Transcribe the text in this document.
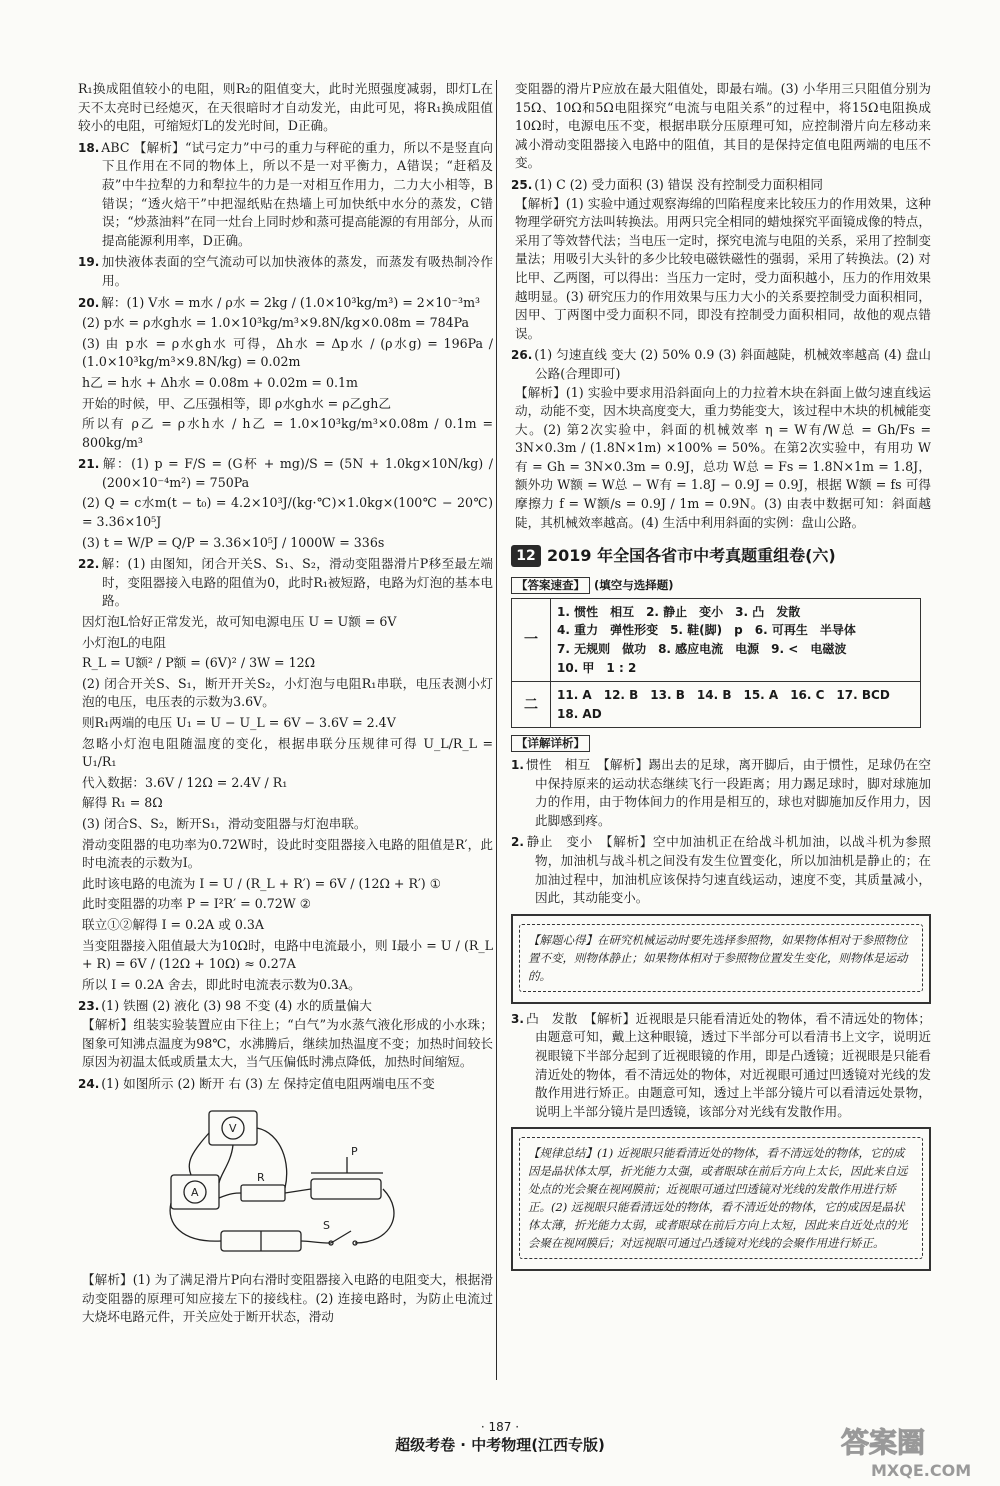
R₁换成阻值较小的电阻，则R₂的阻值变大，此时光照强度减弱，即灯L在天不太亮时已经熄灭，在天很暗时才自动发光，由此可见，将R₁换成阻值较小的电阻，可缩短灯L的发光时间，D正确。

18. ABC 【解析】“试弓定力”中弓的重力与秤砣的重力，所以不是竖直向下且作用在不同的物体上，所以不是一对平衡力，A错误；“赶稻及菽”中牛拉犁的力和犁拉牛的力是一对相互作用力，二力大小相等，B错误；“透火焙干”中把湿纸贴在热墙上可加快纸中水分的蒸发，C错误；“炒蒸油料”在同一灶台上同时炒和蒸可提高能源的有用部分，从而提高能源利用率，D正确。

19. 加快液体表面的空气流动可以加快液体的蒸发，而蒸发有吸热制冷作用。

20. 解：(1) V水 = m水 / ρ水 = 2kg / (1.0×10³kg/m³) = 2×10⁻³m³

(2) p水 = ρ水gh水 = 1.0×10³kg/m³×9.8N/kg×0.08m = 784Pa

(3) 由 p水 = ρ水gh水 可得，Δh水 = Δp水 / (ρ水g) = 196Pa / (1.0×10³kg/m³×9.8N/kg) = 0.02m

h乙 = h水 + Δh水 = 0.08m + 0.02m = 0.1m

开始的时候，甲、乙压强相等，即 ρ水gh水 = ρ乙gh乙

所以有 ρ乙 = ρ水h水 / h乙 = 1.0×10³kg/m³×0.08m / 0.1m = 800kg/m³

21. 解：(1) p = F/S = (G杯 + mg)/S = (5N + 1.0kg×10N/kg) / (200×10⁻⁴m²) = 750Pa

(2) Q = c水m(t − t₀) = 4.2×10³J/(kg·℃)×1.0kg×(100℃ − 20℃) = 3.36×10⁵J

(3) t = W/P = Q/P = 3.36×10⁵J / 1000W = 336s

22. 解：(1) 由图知，闭合开关S、S₁、S₂，滑动变阻器滑片P移至最左端时，变阻器接入电路的阻值为0，此时R₁被短路，电路为灯泡的基本电路。

因灯泡L恰好正常发光，故可知电源电压 U = U额 = 6V

小灯泡L的电阻

R_L = U额² / P额 = (6V)² / 3W = 12Ω

(2) 闭合开关S、S₁，断开开关S₂，小灯泡与电阻R₁串联，电压表测小灯泡的电压，电压表的示数为3.6V。

则R₁两端的电压 U₁ = U − U_L = 6V − 3.6V = 2.4V

忽略小灯泡电阻随温度的变化，根据串联分压规律可得 U_L/R_L = U₁/R₁

代入数据：3.6V / 12Ω = 2.4V / R₁

解得 R₁ = 8Ω

(3) 闭合S、S₂，断开S₁，滑动变阻器与灯泡串联。

滑动变阻器的电功率为0.72W时，设此时变阻器接入电路的阻值是R′，此时电流表的示数为I。

此时该电路的电流为 I = U / (R_L + R′) = 6V / (12Ω + R′) ①

此时变阻器的功率 P = I²R′ = 0.72W ②

联立①②解得 I = 0.2A 或 0.3A

当变阻器接入阻值最大为10Ω时，电路中电流最小，则 I最小 = U / (R_L + R) = 6V / (12Ω + 10Ω) ≈ 0.27A

所以 I = 0.2A 舍去，即此时电流表示数为0.3A。

23. (1) 铁圈 (2) 液化 (3) 98 不变 (4) 水的质量偏大

【解析】组装实验装置应由下往上；“白气”为水蒸气液化形成的小水珠；图象可知沸点温度为98℃，水沸腾后，继续加热温度不变；加热时间较长原因为初温太低或质量太大，当气压偏低时沸点降低，加热时间缩短。

24. (1) 如图所示 (2) 断开 右 (3) 左 保持定值电阻两端电压不变

V
A
R
P
S

【解析】(1) 为了满足滑片P向右滑时变阻器接入电路的电阻变大，根据滑动变阻器的原理可知应接左下的接线柱。(2) 连接电路时，为防止电流过大烧坏电路元件，开关应处于断开状态，滑动

变阻器的滑片P应放在最大阻值处，即最右端。(3) 小华用三只阻值分别为15Ω、10Ω和5Ω电阻探究“电流与电阻关系”的过程中，将15Ω电阻换成10Ω时，电源电压不变，根据串联分压原理可知，应控制滑片向左移动来减小滑动变阻器接入电路中的阻值，其目的是保持定值电阻两端的电压不变。

25. (1) C (2) 受力面积 (3) 错误 没有控制受力面积相同

【解析】(1) 实验中通过观察海绵的凹陷程度来比较压力的作用效果，这种物理学研究方法叫转换法。用两只完全相同的蜡烛探究平面镜成像的特点，采用了等效替代法；当电压一定时，探究电流与电阻的关系，采用了控制变量法；用吸引大头针的多少比较电磁铁磁性的强弱，采用了转换法。(2) 对比甲、乙两图，可以得出：当压力一定时，受力面积越小，压力的作用效果越明显。(3) 研究压力的作用效果与压力大小的关系要控制受力面积相同，因甲、丁两图中受力面积不同，即没有控制受力面积相同，故他的观点错误。

26. (1) 匀速直线 变大 (2) 50% 0.9 (3) 斜面越陡，机械效率越高 (4) 盘山公路(合理即可)

【解析】(1) 实验中要求用沿斜面向上的力拉着木块在斜面上做匀速直线运动，动能不变，因木块高度变大，重力势能变大，该过程中木块的机械能变大。(2) 第2次实验中，斜面的机械效率 η = W有/W总 = Gh/Fs = 3N×0.3m / (1.8N×1m) ×100% = 50%。在第2次实验中，有用功 W有 = Gh = 3N×0.3m = 0.9J，总功 W总 = Fs = 1.8N×1m = 1.8J，额外功 W额 = W总 − W有 = 1.8J − 0.9J = 0.9J，根据 W额 = fs 可得摩擦力 f = W额/s = 0.9J / 1m = 0.9N。(3) 由表中数据可知：斜面越陡，其机械效率越高。(4) 生活中利用斜面的实例：盘山公路。

12 2019 年全国各省市中考真题重组卷(六)
【答案速查】 (填空与选择题)
一	1. 惯性　相互　2. 静止　变小　3. 凸　发散
4. 重力　弹性形变　5. 鞋(脚)　p　6. 可再生　半导体
7. 无规则　做功　8. 感应电流　电源　9. <　电磁波
10. 甲　1 : 2

二	11. A　12. B　13. B　14. B　15. A　16. C　17. BCD
18. AD
【详解详析】

1. 惯性　相互　【解析】踢出去的足球，离开脚后，由于惯性，足球仍在空中保持原来的运动状态继续飞行一段距离；用力踢足球时，脚对球施加力的作用，由于物体间力的作用是相互的，球也对脚施加反作用力，因此脚感到疼。

2. 静止　变小　【解析】空中加油机正在给战斗机加油，以战斗机为参照物，加油机与战斗机之间没有发生位置变化，所以加油机是静止的；在加油过程中，加油机应该保持匀速直线运动，速度不变，其质量减小，因此，其动能变小。

【解题心得】在研究机械运动时要先选择参照物，如果物体相对于参照物位置不变，则物体静止；如果物体相对于参照物位置发生变化，则物体是运动的。

3. 凸　发散　【解析】近视眼是只能看清近处的物体，看不清远处的物体；由题意可知，戴上这种眼镜，透过下半部分可以看清书上文字，说明近视眼镜下半部分起到了近视眼镜的作用，即是凸透镜；近视眼是只能看清近处的物体，看不清远处的物体，对近视眼可通过凹透镜对光线的发散作用进行矫正。由题意可知，透过上半部分镜片可以看清远处景物，说明上半部分镜片是凹透镜，该部分对光线有发散作用。

【规律总结】(1) 近视眼只能看清近处的物体，看不清远处的物体，它的成因是晶状体太厚，折光能力太强，或者眼球在前后方向上太长，因此来自远处点的光会聚在视网膜前；近视眼可通过凹透镜对光线的发散作用进行矫正。(2) 远视眼只能看清远处的物体，看不清近处的物体，它的成因是晶状体太薄，折光能力太弱，或者眼球在前后方向上太短，因此来自近处点的光会聚在视网膜后；对远视眼可通过凸透镜对光线的会聚作用进行矫正。
· 187 ·
超级考卷 · 中考物理(江西专版)	答案圈
MXQE.COM
